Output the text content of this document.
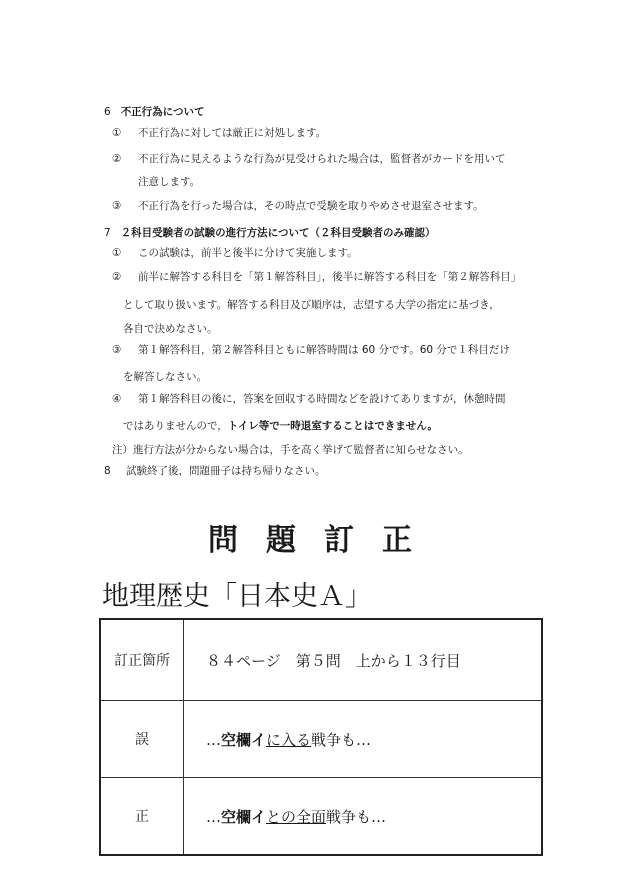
6 不正行為について
① 不正行為に対しては厳正に対処します。
② 不正行為に見えるような行為が見受けられた場合は，監督者がカードを用いて
注意します。
③ 不正行為を行った場合は，その時点で受験を取りやめさせ退室させます。
7 ２科目受験者の試験の進行方法について（２科目受験者のみ確認）
① この試験は，前半と後半に分けて実施します。
② 前半に解答する科目を「第１解答科目」，後半に解答する科目を「第２解答科目」
として取り扱います。解答する科目及び順序は，志望する大学の指定に基づき，
各自で決めなさい。
③ 第１解答科目，第２解答科目ともに解答時間は 60 分です。60 分で１科目だけ
を解答しなさい。
④ 第１解答科目の後に，答案を回収する時間などを設けてありますが，休憩時間
ではありませんので，トイレ等で一時退室することはできません。
注）進行方法が分からない場合は，手を高く挙げて監督者に知らせなさい。
8 試験終了後，問題冊子は持ち帰りなさい。
問題訂正
地理歴史「日本史Ａ」
訂正箇所	８４ページ　第５問　上から１３行目
誤	…空欄イに入る戦争も…
正	…空欄イとの全面戦争も…
